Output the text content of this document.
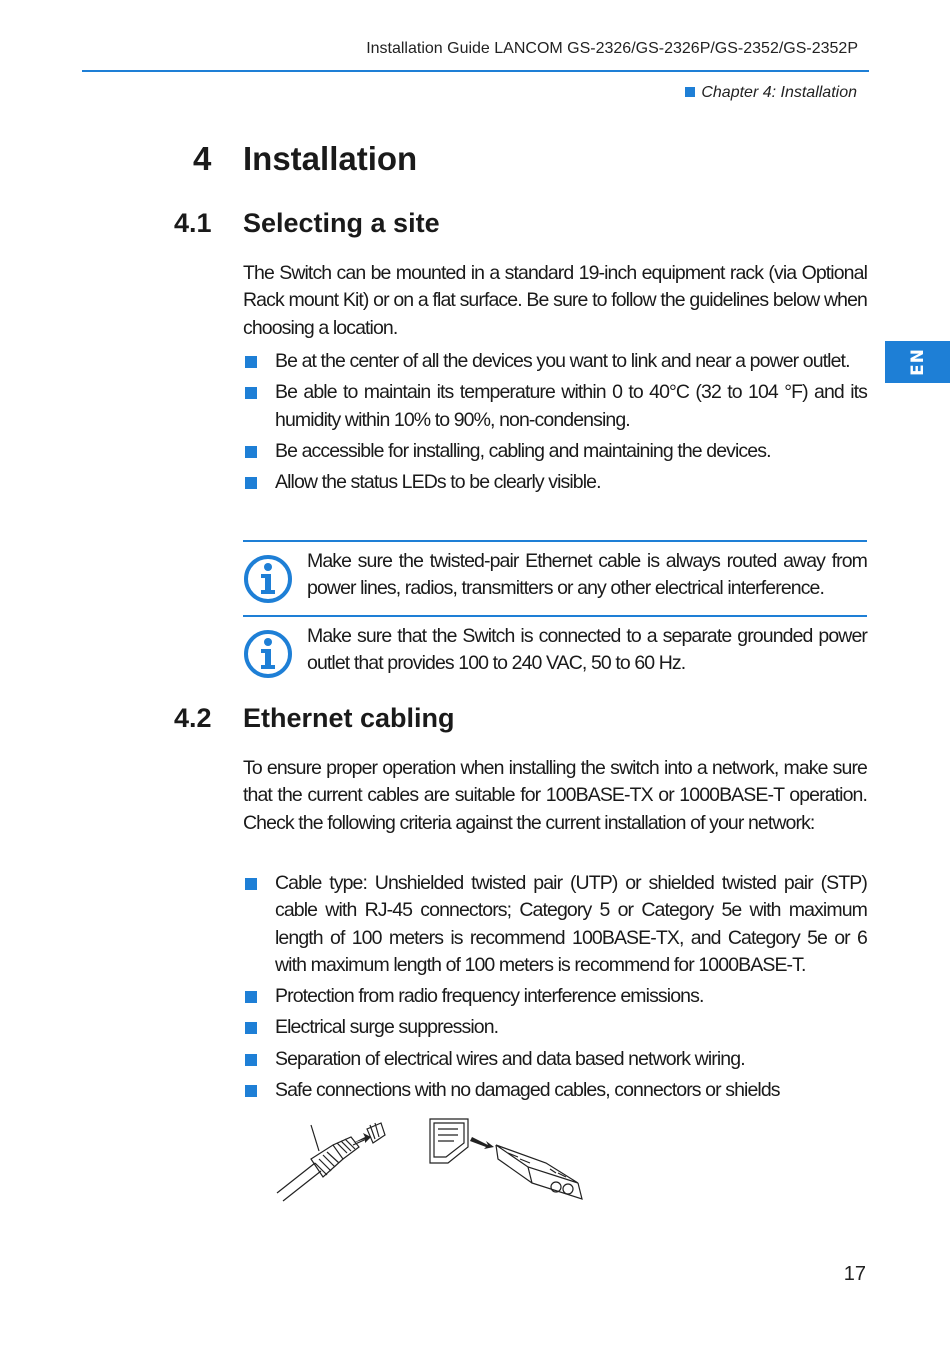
Installation Guide LANCOM GS-2326/GS-2326P/GS-2352/GS-2352P
Chapter 4: Installation
EN
4 Installation
4.1 Selecting a site
The Switch can be mounted in a standard 19-inch equipment rack (via Optional Rack mount Kit) or on a flat surface. Be sure to follow the guidelines below when choosing a location.
Be at the center of all the devices you want to link and near a power outlet.
Be able to maintain its temperature within 0 to 40°C (32 to 104 °F) and its humidity within 10% to 90%, non-condensing.
Be accessible for installing, cabling and maintaining the devices.
Allow the status LEDs to be clearly visible.
Make sure the twisted-pair Ethernet cable is always routed away from power lines, radios, transmitters or any other electrical interference.
Make sure that the Switch is connected to a separate grounded power outlet that provides 100 to 240 VAC, 50 to 60 Hz.
4.2 Ethernet cabling
To ensure proper operation when installing the switch into a network, make sure that the current cables are suitable for 100BASE-TX or 1000BASE-T operation. Check the following criteria against the current installation of your network:
Cable type: Unshielded twisted pair (UTP) or shielded twisted pair (STP) cable with RJ-45 connectors; Category 5 or Category 5e with maximum length of 100 meters is recommend 100BASE-TX, and Category 5e or 6 with maximum length of 100 meters is recommend for 1000BASE-T.
Protection from radio frequency interference emissions.
Electrical surge suppression.
Separation of electrical wires and data based network wiring.
Safe connections with no damaged cables, connectors or shields
17
